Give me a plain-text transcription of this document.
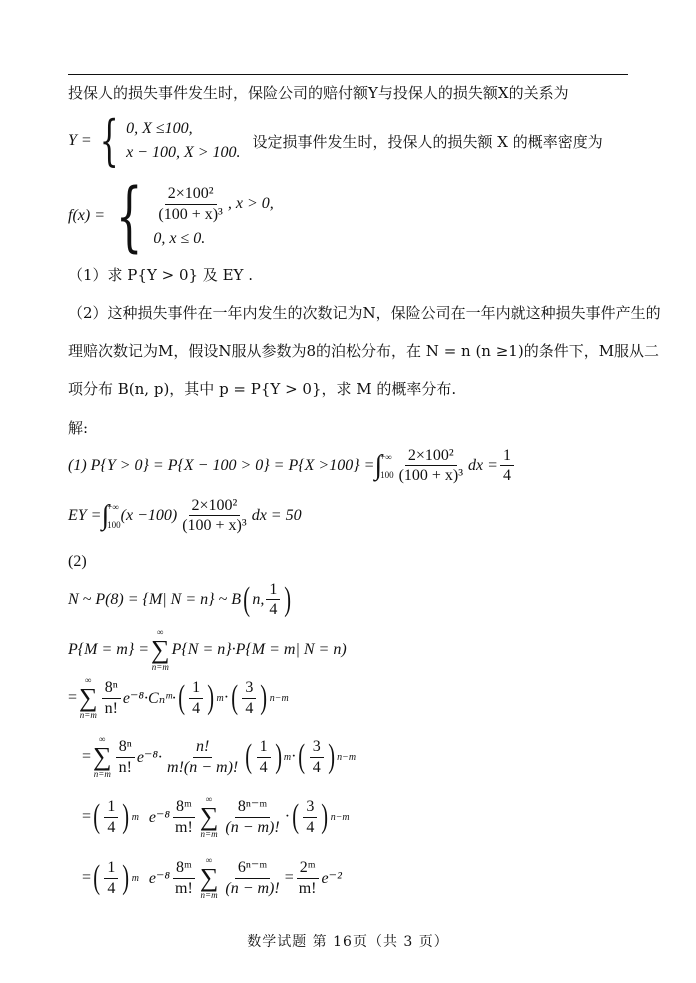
投保人的损失事件发生时，保险公司的赔付额Y与投保人的损失额X的关系为
Y = { 0, X ≤100,
x − 100, X > 100.
设定损事件发生时，投保人的损失额 X 的概率密度为
f(x) = { $\frac{\text{2×100²}}{\text{(100 + x)³}}$ , x > 0,
0, x ≤ 0.
（1）求 P{Y > 0} 及 EY .
（2）这种损失事件在一年内发生的次数记为N，保险公司在一年内就这种损失事件产生的
理赔次数记为M，假设N服从参数为8的泊松分布，在 N = n (n ≥1)的条件下，M服从二
项分布 B(n, p)，其中 p = P{Y > 0}，求 M 的概率分布.
解:
(1) P{Y > 0} = P{X − 100 > 0} = P{X >100} = ∫
+∞
$100 \frac{\text{2×100²}}{\text{(100 + x)³}}$ dx = $\frac{1}{4}$
EY = ∫
+∞
100
$(x -100) \frac{\text{2×100²}}{\text{(100 + x)³}}$ dx = 50
(2)
N ~ P(8) = {M| N = n} ~ B ( n, $\frac{1}{4}$ )
P{M = m} =
∞
∑
n=m
P{N = n}·P{M = m| N = n)
=
∞
∑
$n=m \frac{\text{8ⁿ}}{n!} e^{-8}\cdot$ Cₙᵐ· ( $\frac{1}{4}$ ) m · ( $\frac{3}{4}$ ) n−m
=
∞
∑
$n=m \frac{\text{8ⁿ}}{n!} e^{-8}\cdot \frac{n!}{m!(n - m)!}$ ( $\frac{1}{4}$ ) m · ( $\frac{3}{4}$ ) n−m
= ( $\frac{1}{4}$ ) m $e^{-8} \frac{\text{8ᵐ}}{m!}$ ∞
∑
$n=m \frac{\text{8ⁿ⁻ᵐ}}{(n - m)!}$ · ( $\frac{3}{4}$ ) n−m
= ( $\frac{1}{4}$ ) m $e^{-8} \frac{\text{8ᵐ}}{m!}$ ∞
∑
$n=m \frac{\text{6ⁿ⁻ᵐ}}{(n - m)!} = \frac{\text{2ᵐ}}{m!} e^{-2}$
数学试题 第 16页（共 3 页）
